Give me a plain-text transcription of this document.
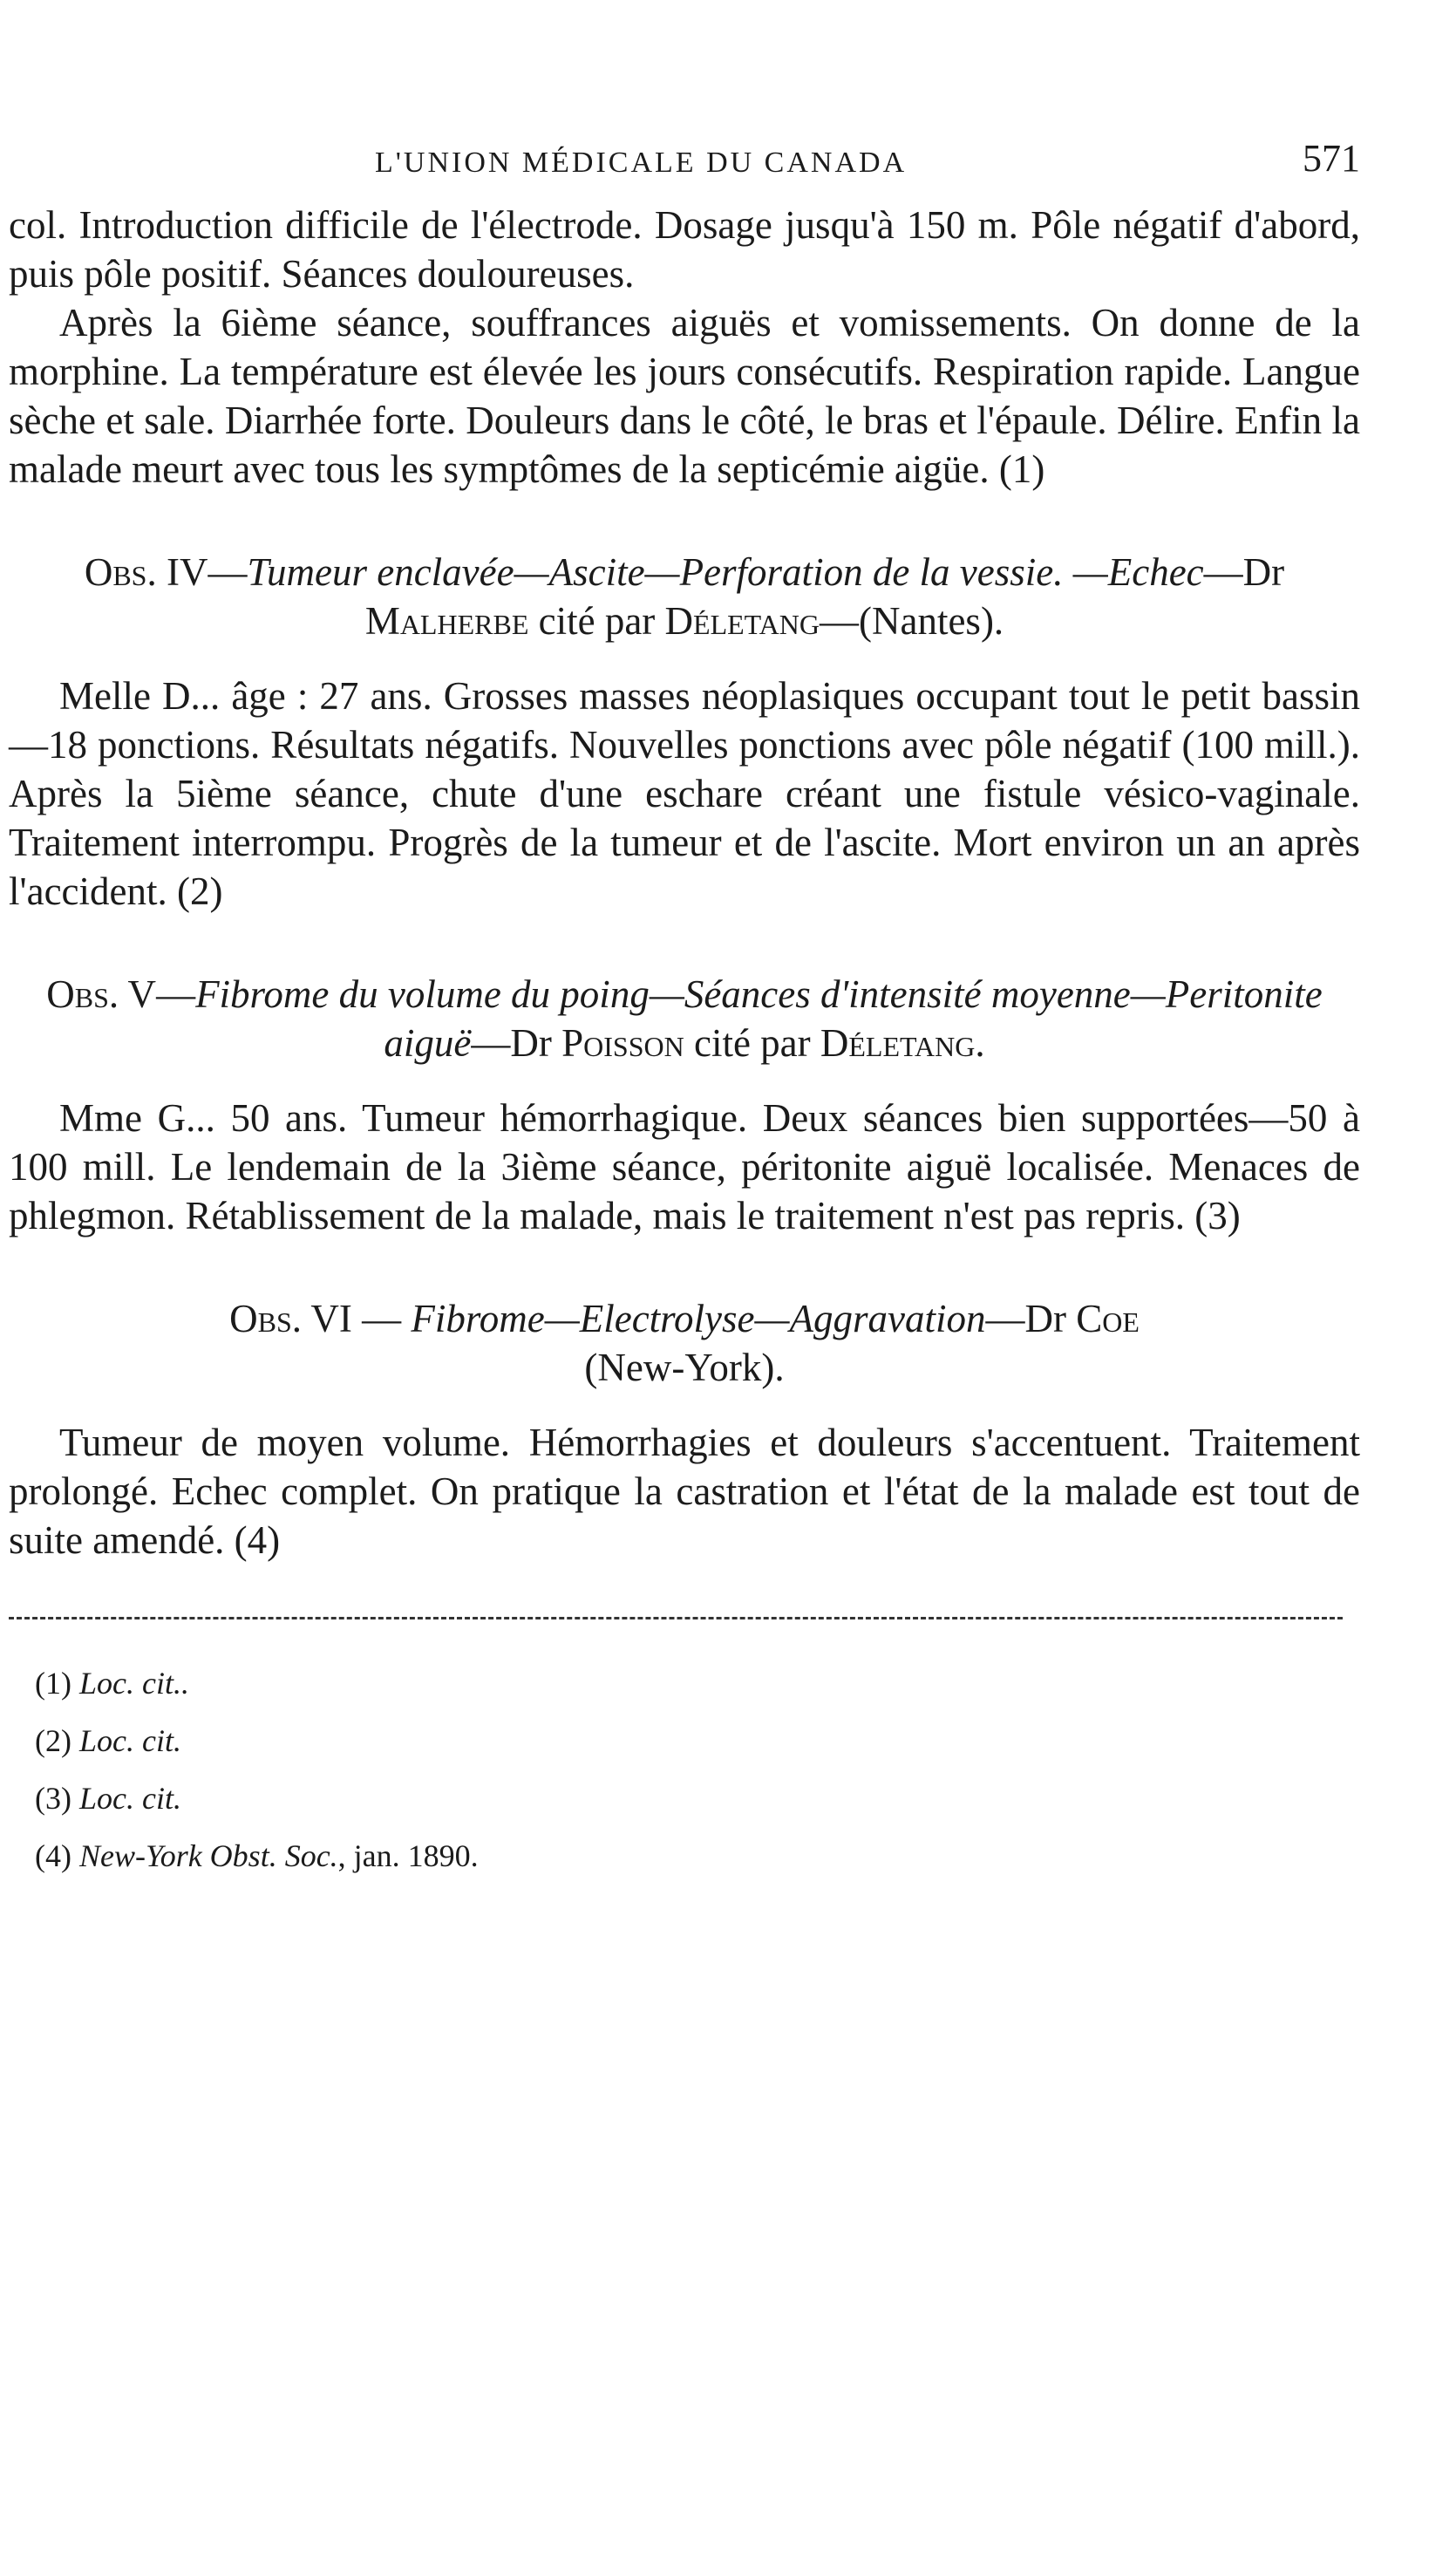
L'UNION MÉDICALE DU CANADA	571

col. Introduction difficile de l'électrode. Dosage jusqu'à 150 m. Pôle négatif d'abord, puis pôle positif. Séances douloureuses.

Après la 6ième séance, souffrances aiguës et vomissements. On donne de la morphine. La température est élevée les jours consécutifs. Respiration rapide. Langue sèche et sale. Diarrhée forte. Douleurs dans le côté, le bras et l'épaule. Délire. Enfin la malade meurt avec tous les symptômes de la septicémie aigüe. (1)

Obs. IV—Tumeur enclavée—Ascite—Perforation de la vessie. —Echec—Dr Malherbe cité par Déletang—(Nantes).

Melle D... âge : 27 ans. Grosses masses néoplasiques occupant tout le petit bassin—18 ponctions. Résultats négatifs. Nouvelles ponctions avec pôle négatif (100 mill.). Après la 5ième séance, chute d'une eschare créant une fistule vésico-vaginale. Traitement interrompu. Progrès de la tumeur et de l'ascite. Mort environ un an après l'accident. (2)

Obs. V—Fibrome du volume du poing—Séances d'intensité moyenne—Peritonite aiguë—Dr Poisson cité par Déletang.

Mme G... 50 ans. Tumeur hémorrhagique. Deux séances bien supportées—50 à 100 mill. Le lendemain de la 3ième séance, péritonite aiguë localisée. Menaces de phlegmon. Rétablissement de la malade, mais le traitement n'est pas repris. (3)

Obs. VI — Fibrome—Electrolyse—Aggravation—Dr Coe
(New-York).

Tumeur de moyen volume. Hémorrhagies et douleurs s'accentuent. Traitement prolongé. Echec complet. On pratique la castration et l'état de la malade est tout de suite amendé. (4)

(1) Loc. cit..
(2) Loc. cit.
(3) Loc. cit.
(4) New-York Obst. Soc., jan. 1890.
